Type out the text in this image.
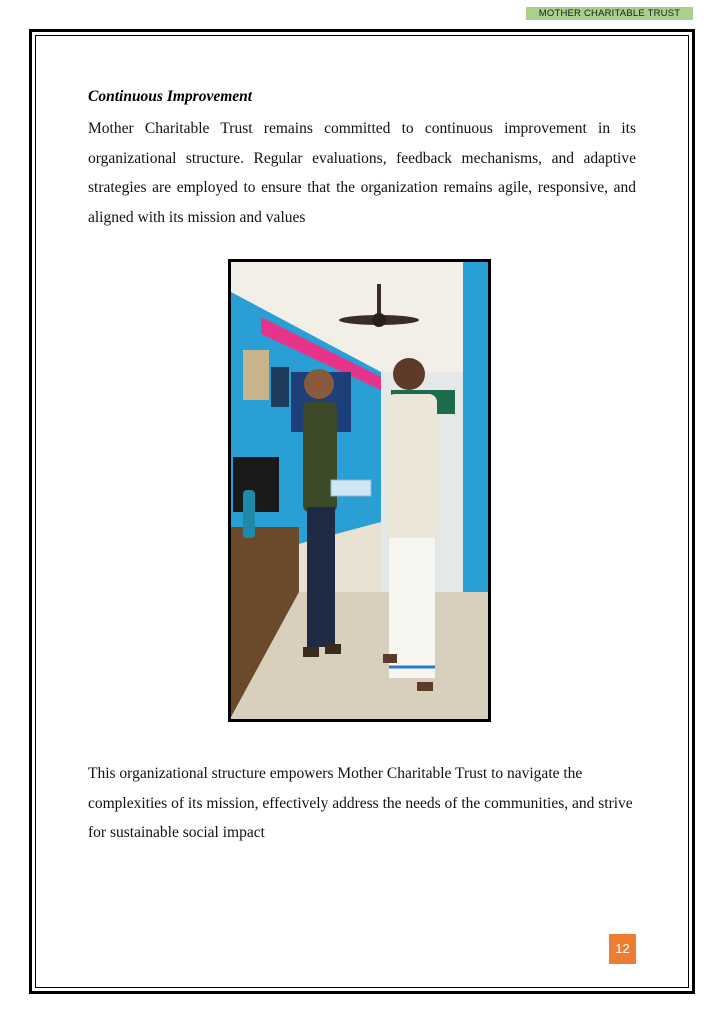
MOTHER CHARITABLE TRUST
Continuous Improvement

Mother Charitable Trust remains committed to continuous improvement in its organizational structure. Regular evaluations, feedback mechanisms, and adaptive strategies are employed to ensure that the organization remains agile, responsive, and aligned with its mission and values

This organizational structure empowers Mother Charitable Trust to navigate the complexities of its mission, effectively address the needs of the communities, and strive for sustainable social impact

12
